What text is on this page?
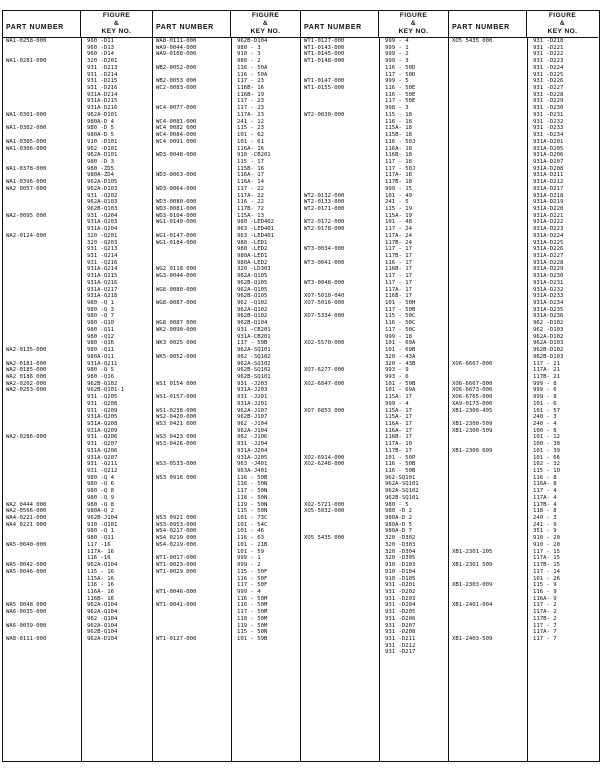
PART NUMBER
FIGURE
&
KEY NO.
WA1-0258-000	960 -D11
960 -D13
960 -D14
WA1-0281-000	320 -D201
931 -D213
931 -D214
931 -D215
931 -D216
931A-D214
931A-D215
931A-D216
WA1-0301-000	962A-D101
980A-D 4
WA1-0302-000	980 -D 5
980A-D 5
WA1-0305-000	910 -D101
WA1-0306-000	962 -D101
962A-D101
980 -D 3
WA1-0378-000	980 -ZD5
980A-ZD4
WA1-0396-000	962A-D105
WA2 0057-000	962A-D103
931 -Q202
962A-Q103
962B-Q103
WA2-0095 000	931 -Q204
931A-Q203
931A-Q204
WA2-0124-000	320 -Q201
320 -Q203
931 -Q213
931 -Q214
931 -Q216
931A-Q214
931A-Q215
931A-Q216
931A-Q217
931A-Q218
980 -Q 1
980 -Q 3
980 -Q 7
980 -Q10
980 -Q11
980 -Q12
980 -Q16
WA2-0135-000	980 -Q11
980A-Q11
WA2-0181-000	931A-Q211
WA2-0185-000	980 -Q 5
WA2 0186 000	980 -Q16
WA2-0202-000	962B-Q102
WA2-0253-000	962B-Q101-1
931 -Q205
931 -Q208
931 -Q209
931A-Q205
931A-Q208
931A-Q209
WA2-0286-000	931 -Q206
931 -Q207
931A-Q206
931A-Q207
931 -Q211
931 -Q212
980 -Q 4
980 -Q 6
980 -Q 8
980 -Q 9
WA2 0444 000	980 -Q 8
WA2-0566-000	980A-Q 2
WA4-0221-000	962B-J104
WA4 0221 000	910 -Q101
980 -Q 1
980 -Q11
WA5-0040-000	117 -16
117A- 16
116 -16
WA5-0042-000	962A-Q104
WA5-0046-000	115 - 16
115A- 16
116 - 16
116A- 16
116B- 16
WA5 0048 000	962A-Q104
WA6-0035-000	962A-Q104
962 -Q104
WA6-0039-000	962A-Q104
962B-Q104
WA8-0111-000	962A-D104
PART NUMBER
FIGURE
&
KEY NO.
WA8-0111-000	962B-D104
WA9-0044-000	980 - 3
WA9-0108-000	910 - 3
980 - 2
WB2-0052-000	116 - 50A
116 - 50A
WB2-0053 000	117 - 23
WC2-0083-000	116B- 16
116B- 19
117 - 23
WC4-0077-000	117 - 23
117A- 23
WC4-0081-000	241 - 12
WC4 0082 000	115 - 23
WC4-0084-000	101 - 62
WC4 0091 000	101 - 61
116A- 16
WD3-0048-000	910 -CB201
115 - 17
115B- 16
WD3-0063-000	116A- 17
116A- 14
WD3-0064-000	117 - 22
117A- 22
WD3-0080-000	116 - 22
WD3-0081-000	117B- 72
WD3-0104-000	115A- 13
WG1-0140-000	980 -LED402
963 -LED401
WG1-0147-000	963 -LED401
WG1-0184-000	980 -LED1
980 -LED2
980A-LED1
980A-LED2
WG2 0118 000	320 -LD303
WG3-0044-000	962A-Q105
962B-Q105
WG8-0080-000	962A-Q105
962B-Q105
WG8-0087-000	962 -Q102
962A-Q102
962B-Q102
WG8 0087 000	962B-Q104
WK2-0090-000	931 -CB201
931A-CB201
WK3 0025 000	117 - 59B
962A-SQ101
WK5-0052-000	962 -SQ102
962A-SQ102
962B-SQ102
962B-SQ101
WS1 0154 000	931 -J203
931A-J203
WS1-0157-000	931 -J201
931A-J201
WS1-0238-000	962A-J107
WS2-0420-000	962B-J107
WS3 0421 000	962 -J104
962A-J104
WS3 0423 000	962 -J106
WS3-0426-000	931 -J204
931A-J204
931A-J205
WS3-0533-000	963 -J401
963A-J401
WS3 0916 000	116 - 50B
116 - 50N
117 - 50N
118 - 50N
119 - 50N
115 - 50N
WS3 0921 000	101 - 73C
WS3-0953-000	101 - 54C
WS4-0217-000	101 - 46
WS4 0219 000	116 - 63
WS4-0219-000	101 - 21B
101 - 59
WT1-0017-000	999 - 1
WT1-0023-000	999 - 2
WT1-0029 000	115 - 50F
116 - 50F
117 - 50F
WT1-0046-000	999 - 4
116 - 50M
WT1-0041-000	116 - 50M
117 - 50M
118 - 50M
119 - 50M
115 - 50N
WT1-0127-000	101 - 59B
PART NUMBER
FIGURE
&
KEY NO.
WT1-0127-000	999 - 4
WT1-0143-000	999 - 1
WT1-0145-000	999 - 2
WT1-0148-000	999 - 3
116 - 50D
117 - 50D
WT1-0147-000	999 - 5
WT1-0155-000	116 - 50E
116 - 50E
117 - 50E
998 - 3
WT2-0030-000	115 - 18
116 - 18
115A- 18
115B- 18
116 - 50J
116A- 18
116B- 18
117 - 18
117 - 50J
117A- 18
117B- 18
999 - 15
WT2-0132-000	101 - 49
WT2-0133-000	241 - 5
WT2-0171-000	115 - 19
115A- 19
WT2-0172-000	101 - 48
WT2-0178-000	117 - 24
117A- 24
117B- 24
WT3-0034-000	117 - 17
117B- 17
WT3-0041-000	116 - 17
116B- 17
117 - 17
WT3-0048-000	117 - 17
117A- 17
XO7-5010-040	116B- 17
XO7-5016-000	101 - 50H
117 - 50B
XO7-5334-000	115 - 50C
116 - 50C
117 - 50C
999 - 18
XO2-5570-000	101 - 69A
101 - 69B
320 - 43A
320 - 43B
XO7-6277-000	993 - 9
993 - 6
XO2-6847-000	101 - 59B
101 - 69A
115A- 17
999 - 4
XO7 6853 000	115A- 17
115A- 17
116A- 17
116A- 17
116B- 17
117A- 10
117B- 17
XO2-6914-000	101 - 50P
XO2-6248-000	116 - 50B
116 - 50B
962-SQ101
962A-SQ101
962A-SQ102
962B-SQ101
XO2-5721-000	980 - 5
XO5-5032-000	980 -D 2
980A-D 2
980A-D 5
980A-D 7
XO5 5435 000	320 -D302
320 -D303
320 -D304
320 -D305
910 -D103
910 -D104
910 -D105
931 -D201
931 -D202
931 -D203
931 -D204
931 -D205
931 -D206
931 -D207
931 -D208
931 -D211
931 -D212
931 -D217
PART NUMBER
FIGURE
&
KEY NO.
XO5 5435 000	931 -D218
931 -D221
931 -D222
931 -D223
931 -D224
931 -D225
931 -D226
931 -D227
931 -D228
931 -D229
931 -D230
931 -D231
931 -D232
931 -D233
931 -D234
931A-D201
931A-D205
931A-D206
931A-D207
931A-D208
931A-D211
931A-D212
931A-D217
931A-D218
931A-D219
931A-D220
931A-D221
931A-D222
931A-D223
931A-D224
931A-D225
931A-D226
931A-D227
931A-D228
931A-D229
931A-D230
931A-D231
931A-D232
931A-D233
931A-D234
931A-D235
931A-D236
962 -D102
962 -D103
962A-D102
962A-D103
962B-D102
962B-D103
XO6-6667-000	117 - 21
117A- 21
117B- 21
XO6-6667-000	999 - 8
XO6-6673-000	999 - 6
XO6-6765-000	999 - 8
XA9-0173-000	101 - 6
XB1-2300-405	101 - 57
240 - 3
XB1-2300-509	240 - 4
XB1-2300-509	100 - 8
101 - 12
100 - 38
XB1-2300 609	101 - 39
101 - 66
102 - 32
115 - 10
116 - 8
116A- 8
117 - 4
117A- 4
117B- 4
118 - 8
240 - 3
241 - 9
351 - 9
910 - 20
910 - 20
XB1-2301-205	117 - 15
117A- 15
XB1-2301 509	117B- 15
117 - 14
101 - 26
XB1-2303-009	115 - 9
116 - 9
116A- 9
XB1-2401-004	117 - 2
117A- 2
117B- 2
117 - 7
117A- 7
XB1-2403-509	117 - 7
